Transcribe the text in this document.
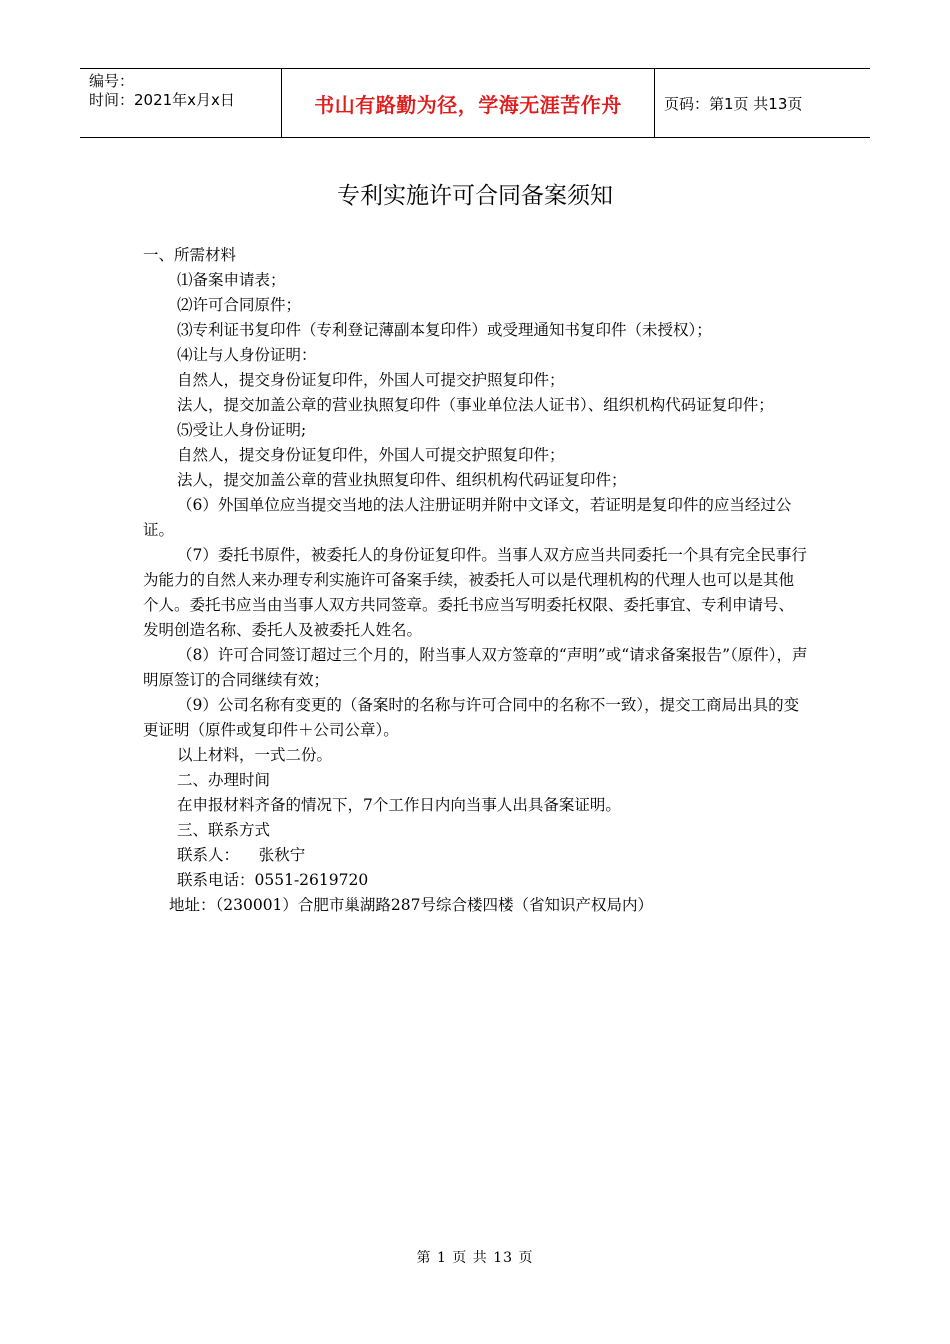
编号：
时间：2021年x月x日	书山有路勤为径，学海无涯苦作舟	页码：第1页 共13页
专利实施许可合同备案须知

一、所需材料

⑴备案申请表；

⑵许可合同原件；

⑶专利证书复印件（专利登记薄副本复印件）或受理通知书复印件（未授权）；

⑷让与人身份证明：

自然人，提交身份证复印件，外国人可提交护照复印件；

法人，提交加盖公章的营业执照复印件（事业单位法人证书）、组织机构代码证复印件；

⑸受让人身份证明;

自然人，提交身份证复印件，外国人可提交护照复印件；

法人，提交加盖公章的营业执照复印件、组织机构代码证复印件；

（6）外国单位应当提交当地的法人注册证明并附中文译文，若证明是复印件的应当经过公证。

（7）委托书原件，被委托人的身份证复印件。当事人双方应当共同委托一个具有完全民事行为能力的自然人来办理专利实施许可备案手续，被委托人可以是代理机构的代理人也可以是其他个人。委托书应当由当事人双方共同签章。委托书应当写明委托权限、委托事宜、专利申请号、发明创造名称、委托人及被委托人姓名。

（8）许可合同签订超过三个月的，附当事人双方签章的“声明”或“请求备案报告”（原件），声明原签订的合同继续有效；

（9）公司名称有变更的（备案时的名称与许可合同中的名称不一致），提交工商局出具的变更证明（原件或复印件＋公司公章）。

以上材料，一式二份。

二、办理时间

在申报材料齐备的情况下，7个工作日内向当事人出具备案证明。

三、联系方式

联系人：    张秋宁

联系电话：0551-2619720

地址：（230001）合肥市巢湖路287号综合楼四楼（省知识产权局内）

第 1 页 共 13 页
